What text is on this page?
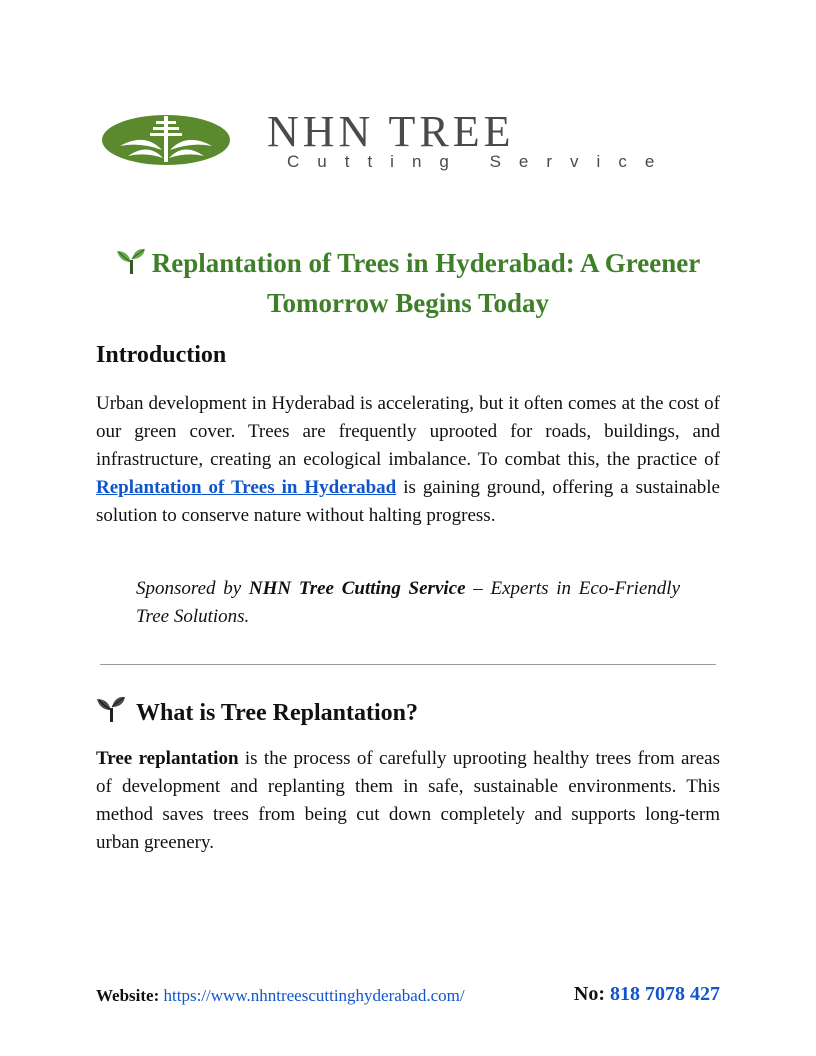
NHN TREE
Cutting Service
Replantation of Trees in Hyderabad: A Greener Tomorrow Begins Today
Introduction

Urban development in Hyderabad is accelerating, but it often comes at the cost of our green cover. Trees are frequently uprooted for roads, buildings, and infrastructure, creating an ecological imbalance. To combat this, the practice of Replantation of Trees in Hyderabad is gaining ground, offering a sustainable solution to conserve nature without halting progress.

Sponsored by NHN Tree Cutting Service – Experts in Eco-Friendly Tree Solutions.

What is Tree Replantation?

Tree replantation is the process of carefully uprooting healthy trees from areas of development and replanting them in safe, sustainable environments. This method saves trees from being cut down completely and supports long-term urban greenery.

Website: https://www.nhntreescuttinghyderabad.com/	No: 818 7078 427
